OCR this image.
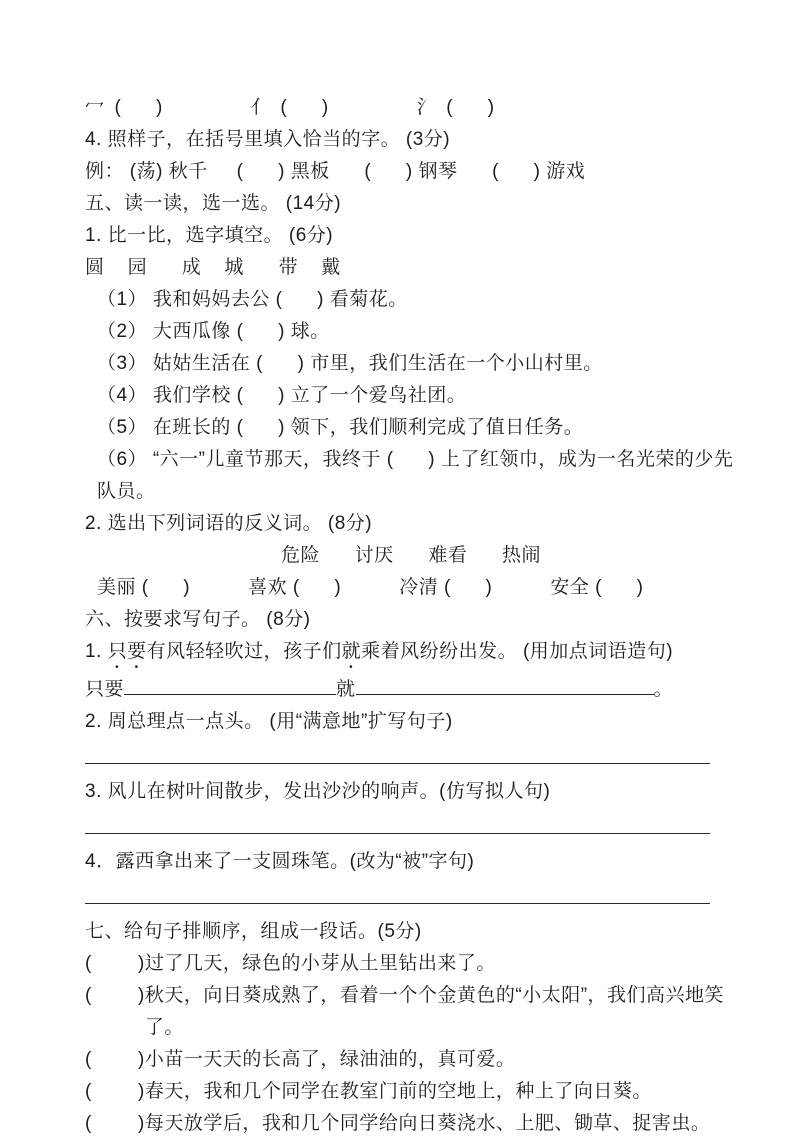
冖 (      )	亻 (      )	氵 (      )
4. 照样子，在括号里填入恰当的字。 (3分)
例： (荡) 秋千     (      ) 黑板      (      ) 钢琴      (      ) 游戏
五、读一读，选一选。 (14分)
1. 比一比，选字填空。 (6分)
圆    园      成    城      带    戴
（1） 我和妈妈去公 (      ) 看菊花。
（2） 大西瓜像 (      ) 球。
（3） 姑姑生活在 (      ) 市里，我们生活在一个小山村里。
（4） 我们学校 (      ) 立了一个爱鸟社团。
（5） 在班长的 (      ) 领下，我们顺利完成了值日任务。
（6） “六一”儿童节那天，我终于 (      ) 上了红领巾，成为一名光荣的少先队员。
2. 选出下列词语的反义词。 (8分)
危险      讨厌      难看      热闹
美丽 (      )	喜欢 (      )	冷清 (      )	安全 (      )
六、按要求写句子。 (8分)
1. 只要有风轻轻吹过，孩子们就乘着风纷纷出发。 (用加点词语造句)
只要	就	。
2. 周总理点一点头。 (用“满意地”扩写句子)
3. 风儿在树叶间散步，发出沙沙的响声。(仿写拟人句)
4．露西拿出来了一支圆珠笔。(改为“被”字句)
七、给句子排顺序，组成一段话。(5分)
(        ) 过了几天，绿色的小芽从土里钻出来了。
(        ) 秋天，向日葵成熟了，看着一个个金黄色的“小太阳”，我们高兴地笑了。
(        ) 小苗一天天的长高了，绿油油的，真可爱。
(        ) 春天，我和几个同学在教室门前的空地上，种上了向日葵。
(        ) 每天放学后，我和几个同学给向日葵浇水、上肥、锄草、捉害虫。
